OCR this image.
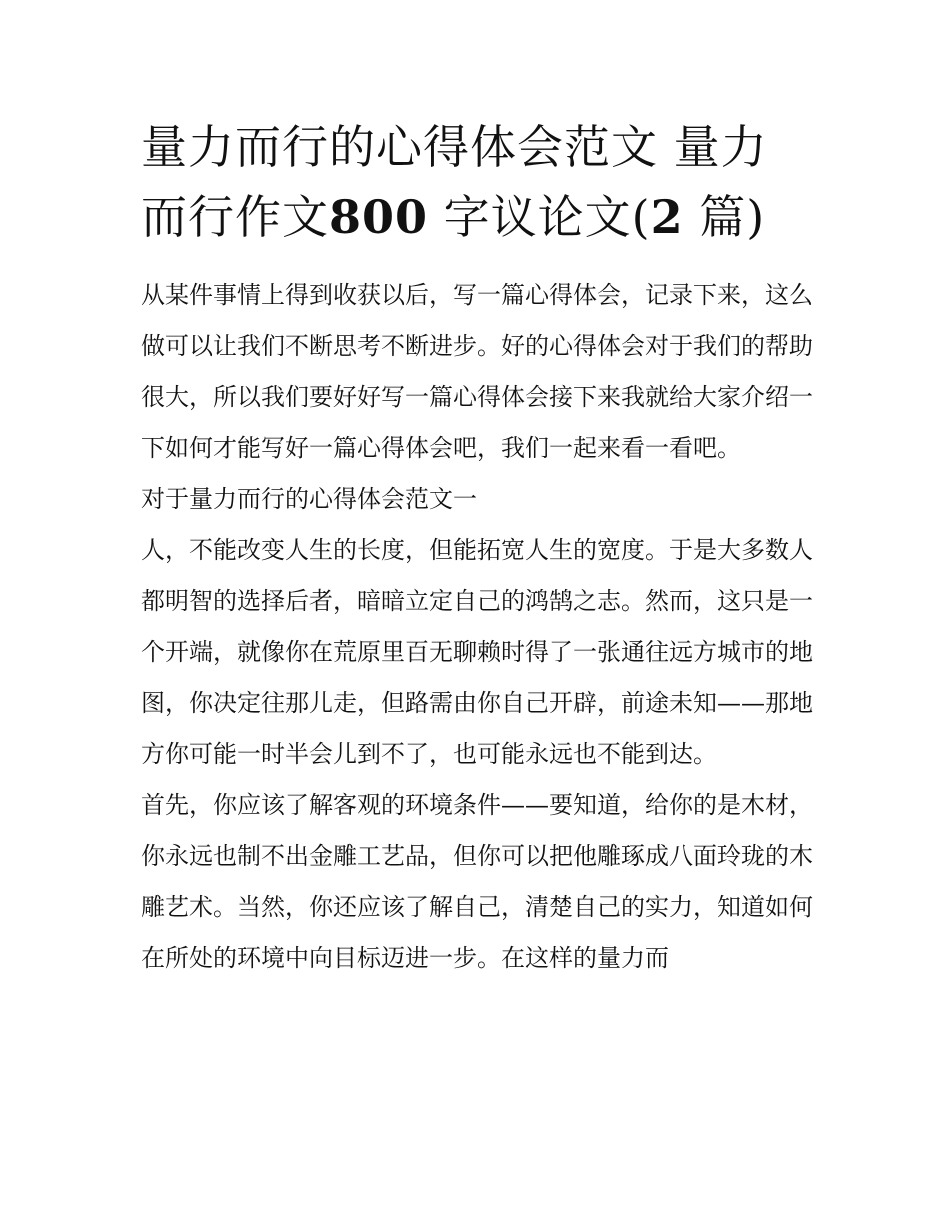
量力而行的心得体会范文 量力而行作文800 字议论文(2 篇)

从某件事情上得到收获以后，写一篇心得体会，记录下来，这么做可以让我们不断思考不断进步。好的心得体会对于我们的帮助很大，所以我们要好好写一篇心得体会接下来我就给大家介绍一下如何才能写好一篇心得体会吧，我们一起来看一看吧。

对于量力而行的心得体会范文一

人，不能改变人生的长度，但能拓宽人生的宽度。于是大多数人都明智的选择后者，暗暗立定自己的鸿鹄之志。然而，这只是一个开端，就像你在荒原里百无聊赖时得了一张通往远方城市的地图，你决定往那儿走，但路需由你自己开辟，前途未知——那地方你可能一时半会儿到不了，也可能永远也不能到达。

首先，你应该了解客观的环境条件——要知道，给你的是木材，你永远也制不出金雕工艺品，但你可以把他雕琢成八面玲珑的木雕艺术。当然，你还应该了解自己，清楚自己的实力，知道如何在所处的环境中向目标迈进一步。在这样的量力而
